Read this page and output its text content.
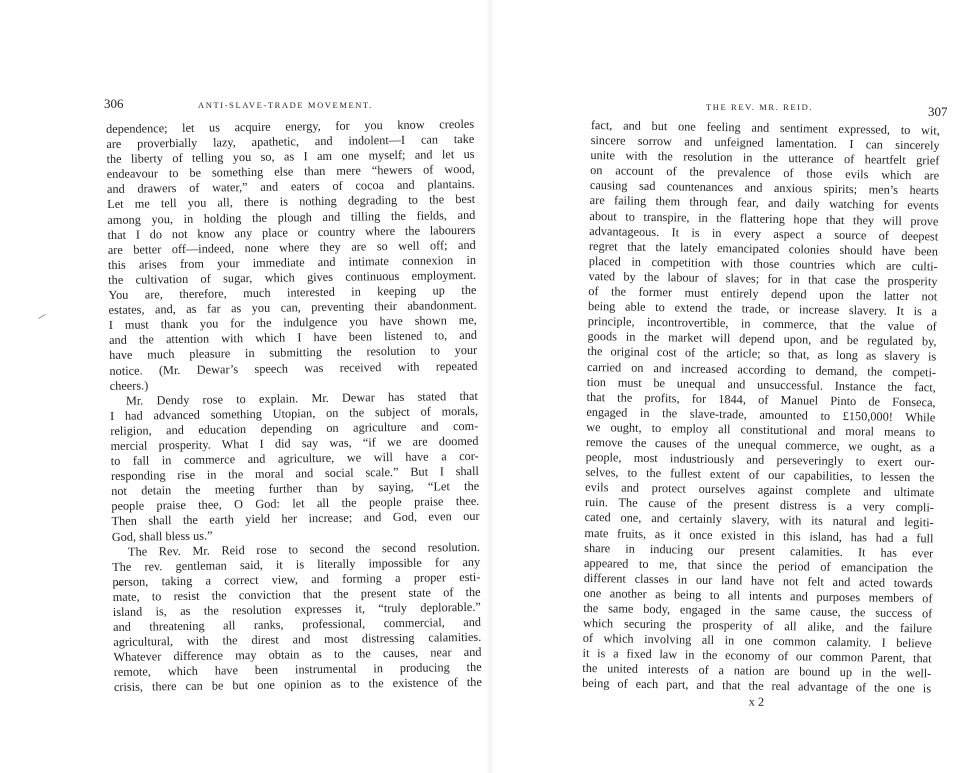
306	ANTI-SLAVE-TRADE MOVEMENT.
dependence; let us acquire energy, for you know creoles
are proverbially lazy, apathetic, and indolent—I can take
the liberty of telling you so, as I am one myself; and let us
endeavour to be something else than mere “hewers of wood,
and drawers of water,” and eaters of cocoa and plantains.
Let me tell you all, there is nothing degrading to the best
among you, in holding the plough and tilling the fields, and
that I do not know any place or country where the labourers
are better off—indeed, none where they are so well off; and
this arises from your immediate and intimate connexion in
the cultivation of sugar, which gives continuous employment.
You are, therefore, much interested in keeping up the
estates, and, as far as you can, preventing their abandonment.
I must thank you for the indulgence you have shown me,
and the attention with which I have been listened to, and
have much pleasure in submitting the resolution to your
notice. (Mr. Dewar’s speech was received with repeated
cheers.)
Mr. Dendy rose to explain. Mr. Dewar has stated that
I had advanced something Utopian, on the subject of morals,
religion, and education depending on agriculture and com-
mercial prosperity. What I did say was, “if we are doomed
to fall in commerce and agriculture, we will have a cor-
responding rise in the moral and social scale.” But I shall
not detain the meeting further than by saying, “Let the
people praise thee, O God: let all the people praise thee.
Then shall the earth yield her increase; and God, even our
God, shall bless us.”
The Rev. Mr. Reid rose to second the second resolution.
The rev. gentleman said, it is literally impossible for any
person, taking a correct view, and forming a proper esti-
mate, to resist the conviction that the present state of the
island is, as the resolution expresses it, “truly deplorable.”
and threatening all ranks, professional, commercial, and
agricultural, with the direst and most distressing calamities.
Whatever difference may obtain as to the causes, near and
remote, which have been instrumental in producing the
crisis, there can be but one opinion as to the existence of the
THE REV. MR. REID.	307
fact, and but one feeling and sentiment expressed, to wit,
sincere sorrow and unfeigned lamentation. I can sincerely
unite with the resolution in the utterance of heartfelt grief
on account of the prevalence of those evils which are
causing sad countenances and anxious spirits; men’s hearts
are failing them through fear, and daily watching for events
about to transpire, in the flattering hope that they will prove
advantageous. It is in every aspect a source of deepest
regret that the lately emancipated colonies should have been
placed in competition with those countries which are culti-
vated by the labour of slaves; for in that case the prosperity
of the former must entirely depend upon the latter not
being able to extend the trade, or increase slavery. It is a
principle, incontrovertible, in commerce, that the value of
goods in the market will depend upon, and be regulated by,
the original cost of the article; so that, as long as slavery is
carried on and increased according to demand, the competi-
tion must be unequal and unsuccessful. Instance the fact,
that the profits, for 1844, of Manuel Pinto de Fonseca,
engaged in the slave-trade, amounted to £150,000! While
we ought, to employ all constitutional and moral means to
remove the causes of the unequal commerce, we ought, as a
people, most industriously and perseveringly to exert our-
selves, to the fullest extent of our capabilities, to lessen the
evils and protect ourselves against complete and ultimate
ruin. The cause of the present distress is a very compli-
cated one, and certainly slavery, with its natural and legiti-
mate fruits, as it once existed in this island, has had a full
share in inducing our present calamities. It has ever
appeared to me, that since the period of emancipation the
different classes in our land have not felt and acted towards
one another as being to all intents and purposes members of
the same body, engaged in the same cause, the success of
which securing the prosperity of all alike, and the failure
of which involving all in one common calamity. I believe
it is a fixed law in the economy of our common Parent, that
the united interests of a nation are bound up in the well-
being of each part, and that the real advantage of the one is
x 2
